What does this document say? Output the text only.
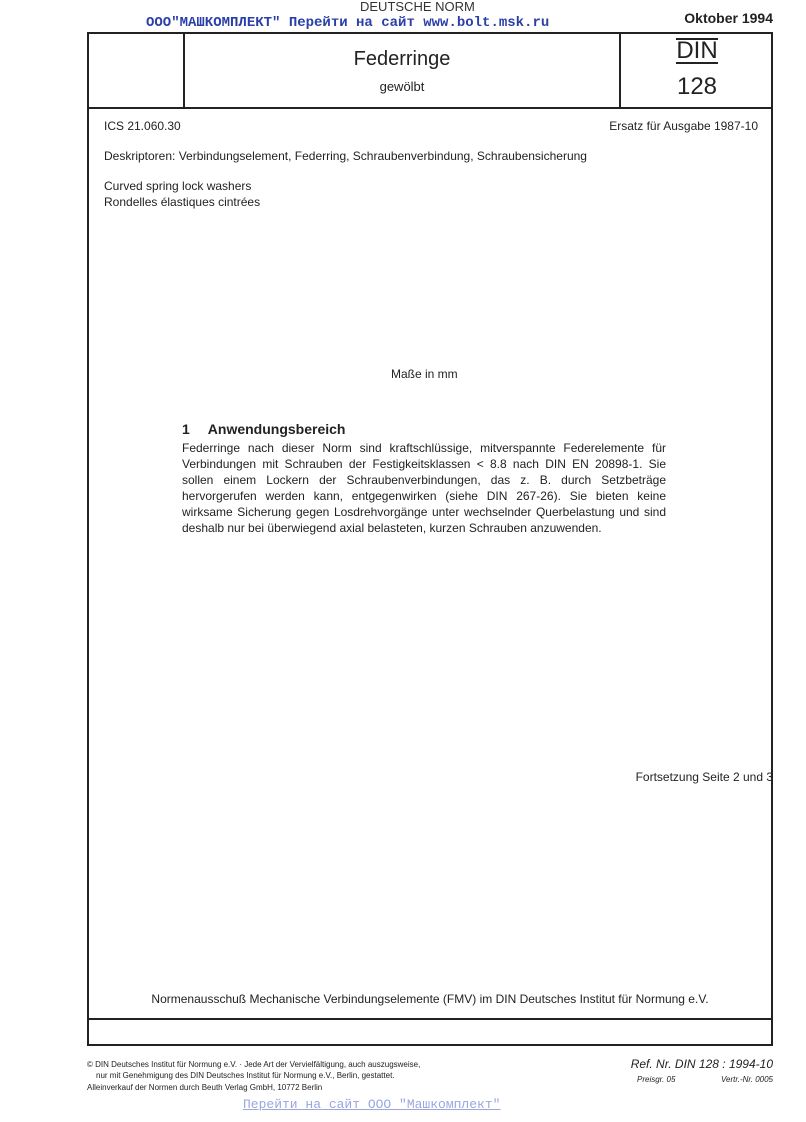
DEUTSCHE NORM
ООО"МАШКОМПЛЕКТ" Перейти на сайт www.bolt.msk.ru	Oktober 1994
Federringe
gewölbt
DIN
128
ICS 21.060.30	Ersatz für Ausgabe 1987-10
Deskriptoren: Verbindungselement, Federring, Schraubenverbindung, Schraubensicherung
Curved spring lock washers
Rondelles élastiques cintrées
Maße in mm
1 Anwendungsbereich

Federringe nach dieser Norm sind kraftschlüssige, mitverspannte Federelemente für Verbindungen mit Schrauben der Festigkeitsklassen < 8.8 nach DIN EN 20898-1. Sie sollen einem Lockern der Schraubenverbindungen, das z. B. durch Setzbeträge hervorgerufen werden kann, entgegenwirken (siehe DIN 267-26). Sie bieten keine wirksame Sicherung gegen Losdrehvorgänge unter wechselnder Querbelastung und sind deshalb nur bei überwiegend axial belasteten, kurzen Schrauben anzuwenden.

Fortsetzung Seite 2 und 3
Normenausschuß Mechanische Verbindungselemente (FMV) im DIN Deutsches Institut für Normung e.V.
© DIN Deutsches Institut für Normung e.V. · Jede Art der Vervielfältigung, auch auszugsweise,
nur mit Genehmigung des DIN Deutsches Institut für Normung e.V., Berlin, gestattet.
Alleinverkauf der Normen durch Beuth Verlag GmbH, 10772 Berlin
Ref. Nr. DIN 128 : 1994-10
Preisgr. 05	Vertr.-Nr. 0005
Перейти на сайт ООО "Машкомплект"
